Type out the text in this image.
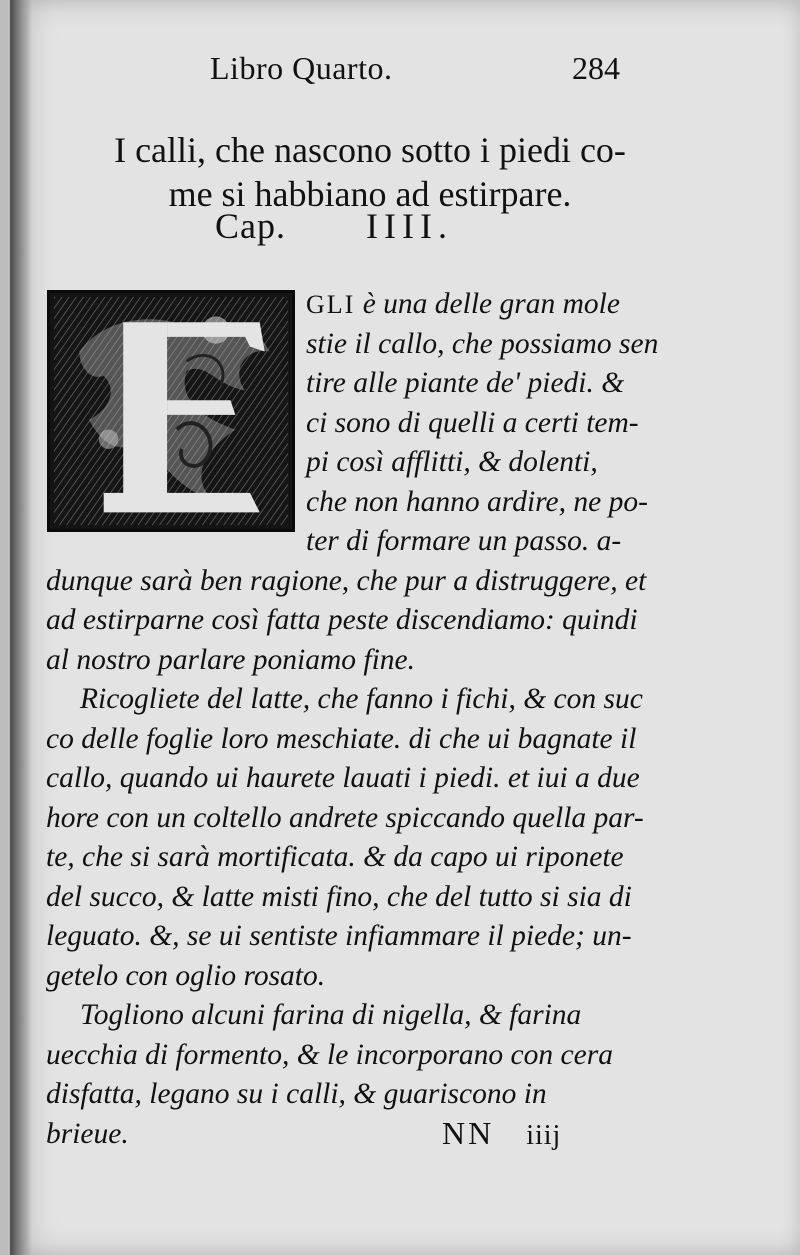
Libro Quarto.	284
I calli, che nascono sotto i piedi co-
me si habbiano ad estirpare.
Cap. IIII.
GLI è una delle gran mole
stie il callo, che possiamo sen
tire alle piante de' piedi. &
ci sono di quelli a certi tem-
pi così afflitti, & dolenti,
che non hanno ardire, ne po-
ter di formare un passo. a-
dunque sarà ben ragione, che pur a distruggere, et
ad estirparne così fatta peste discendiamo: quindi
al nostro parlare poniamo fine.
Ricogliete del latte, che fanno i fichi, & con suc
co delle foglie loro meschiate. di che ui bagnate il
callo, quando ui haurete lauati i piedi. et iui a due
hore con un coltello andrete spiccando quella par-
te, che si sarà mortificata. & da capo ui riponete
del succo, & latte misti fino, che del tutto si sia di
leguato. &, se ui sentiste infiammare il piede; un-
getelo con oglio rosato.
Togliono alcuni farina di nigella, & farina
uecchia di formento, & le incorporano con cera
disfatta, legano su i calli, & guariscono in
brieue.	NN iiij
